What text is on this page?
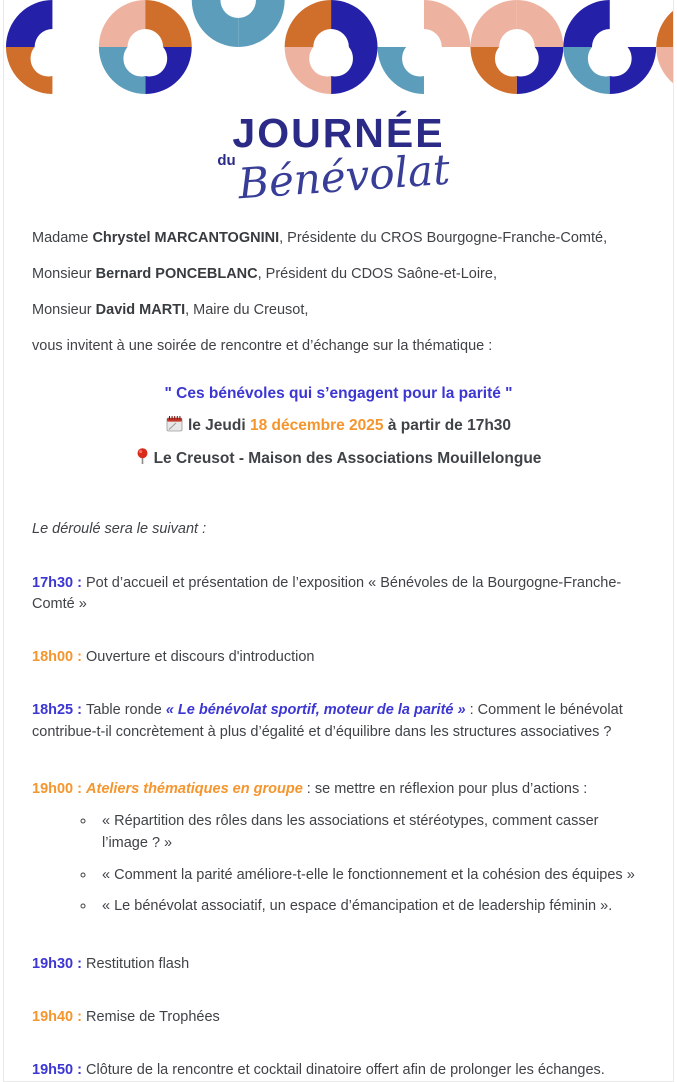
JOURNÉE
du Bénévolat

Madame Chrystel MARCANTOGNINI, Présidente du CROS Bourgogne-Franche-Comté,

Monsieur Bernard PONCEBLANC, Président du CDOS Saône-et-Loire,

Monsieur David MARTI, Maire du Creusot,

vous invitent à une soirée de rencontre et d’échange sur la thématique :

" Ces bénévoles qui s’engagent pour la parité "

le Jeudi 18 décembre 2025 à partir de 17h30

Le Creusot - Maison des Associations Mouillelongue

Le déroulé sera le suivant :

17h30 : Pot d’accueil et présentation de l’exposition « Bénévoles de la Bourgogne-Franche-Comté »

18h00 : Ouverture et discours d'introduction

18h25 : Table ronde « Le bénévolat sportif, moteur de la parité » : Comment le bénévolat contribue-t-il concrètement à plus d’égalité et d’équilibre dans les structures associatives ?

19h00 : Ateliers thématiques en groupe : se mettre en réflexion pour plus d’actions :

◦ « Répartition des rôles dans les associations et stéréotypes, comment casser l’image ? »
◦ « Comment la parité améliore-t-elle le fonctionnement et la cohésion des équipes »
◦ « Le bénévolat associatif, un espace d’émancipation et de leadership féminin ».

19h30 : Restitution flash

19h40 : Remise de Trophées

19h50 : Clôture de la rencontre et cocktail dinatoire offert afin de prolonger les échanges.
